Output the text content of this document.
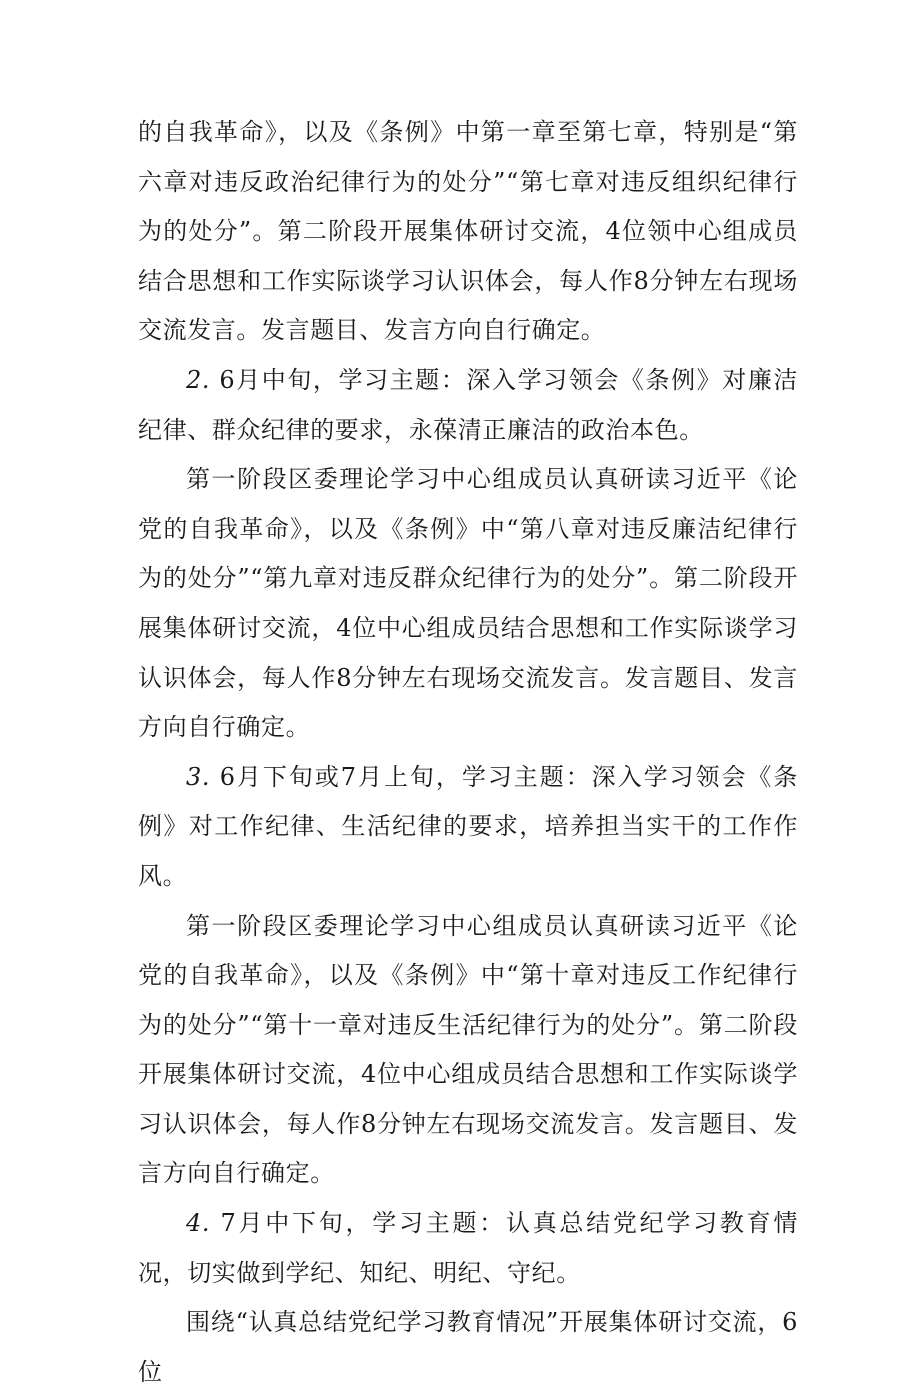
的自我革命》，以及《条例》中第一章至第七章，特别是“第六章对违反政治纪律行为的处分”“第七章对违反组织纪律行为的处分”。第二阶段开展集体研讨交流，4位领中心组成员结合思想和工作实际谈学习认识体会，每人作8分钟左右现场交流发言。发言题目、发言方向自行确定。

2. 6月中旬，学习主题：深入学习领会《条例》对廉洁纪律、群众纪律的要求，永葆清正廉洁的政治本色。

第一阶段区委理论学习中心组成员认真研读习近平《论党的自我革命》，以及《条例》中“第八章对违反廉洁纪律行为的处分”“第九章对违反群众纪律行为的处分”。第二阶段开展集体研讨交流，4位中心组成员结合思想和工作实际谈学习认识体会，每人作8分钟左右现场交流发言。发言题目、发言方向自行确定。

3. 6月下旬或7月上旬，学习主题：深入学习领会《条例》对工作纪律、生活纪律的要求，培养担当实干的工作作风。

第一阶段区委理论学习中心组成员认真研读习近平《论党的自我革命》，以及《条例》中“第十章对违反工作纪律行为的处分”“第十一章对违反生活纪律行为的处分”。第二阶段开展集体研讨交流，4位中心组成员结合思想和工作实际谈学习认识体会，每人作8分钟左右现场交流发言。发言题目、发言方向自行确定。

4. 7月中下旬，学习主题：认真总结党纪学习教育情况，切实做到学纪、知纪、明纪、守纪。

围绕“认真总结党纪学习教育情况”开展集体研讨交流，6位
